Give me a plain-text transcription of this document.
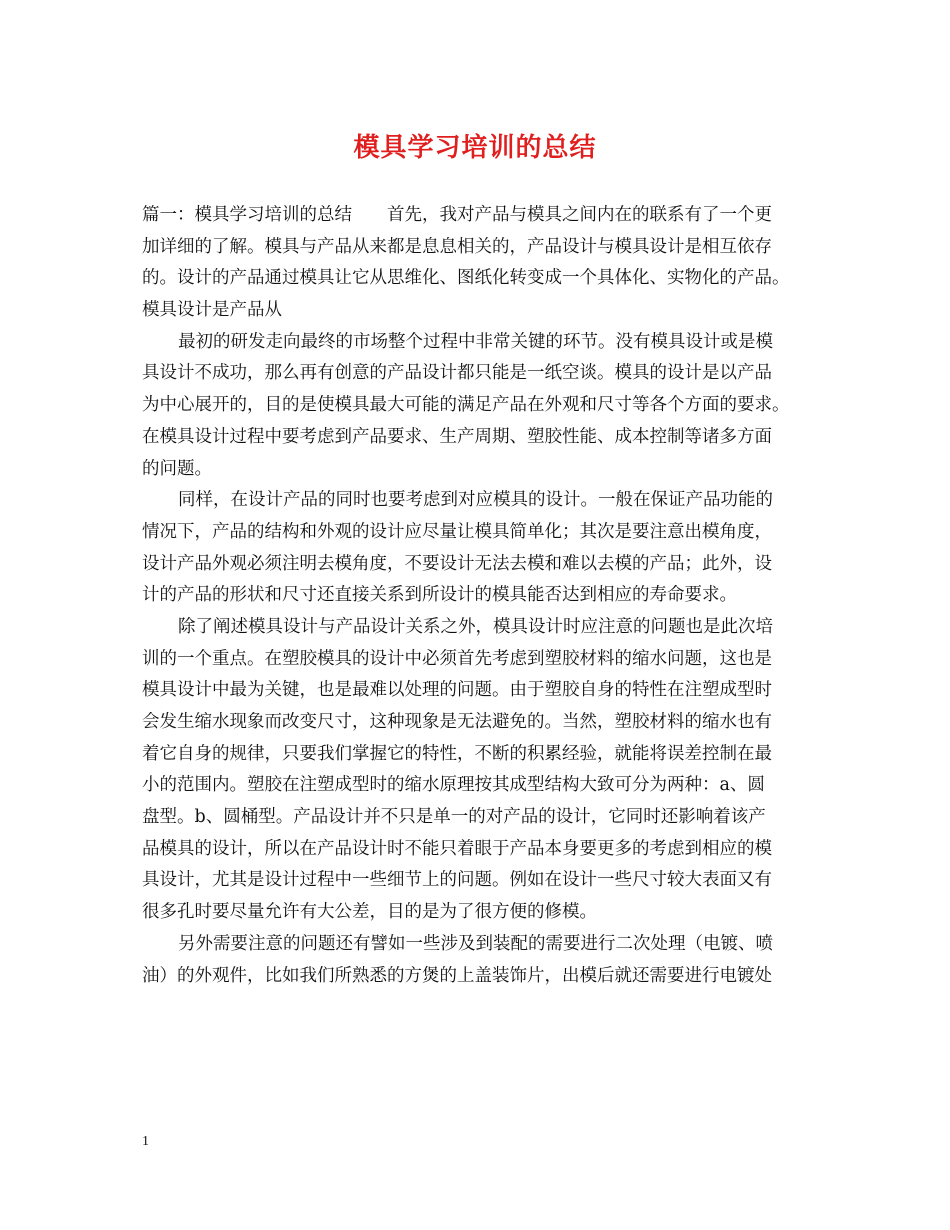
模具学习培训的总结
篇一：模具学习培训的总结　　首先，我对产品与模具之间内在的联系有了一个更
加详细的了解。模具与产品从来都是息息相关的，产品设计与模具设计是相互依存
的。设计的产品通过模具让它从思维化、图纸化转变成一个具体化、实物化的产品。
模具设计是产品从
最初的研发走向最终的市场整个过程中非常关键的环节。没有模具设计或是模
具设计不成功，那么再有创意的产品设计都只能是一纸空谈。模具的设计是以产品
为中心展开的，目的是使模具最大可能的满足产品在外观和尺寸等各个方面的要求。
在模具设计过程中要考虑到产品要求、生产周期、塑胶性能、成本控制等诸多方面
的问题。
同样，在设计产品的同时也要考虑到对应模具的设计。一般在保证产品功能的
情况下，产品的结构和外观的设计应尽量让模具简单化；其次是要注意出模角度，
设计产品外观必须注明去模角度，不要设计无法去模和难以去模的产品；此外，设
计的产品的形状和尺寸还直接关系到所设计的模具能否达到相应的寿命要求。
除了阐述模具设计与产品设计关系之外，模具设计时应注意的问题也是此次培
训的一个重点。在塑胶模具的设计中必须首先考虑到塑胶材料的缩水问题，这也是
模具设计中最为关键，也是最难以处理的问题。由于塑胶自身的特性在注塑成型时
会发生缩水现象而改变尺寸，这种现象是无法避免的。当然，塑胶材料的缩水也有
着它自身的规律，只要我们掌握它的特性，不断的积累经验，就能将误差控制在最
小的范围内。塑胶在注塑成型时的缩水原理按其成型结构大致可分为两种：a、圆
盘型。b、圆桶型。产品设计并不只是单一的对产品的设计，它同时还影响着该产
品模具的设计，所以在产品设计时不能只着眼于产品本身要更多的考虑到相应的模
具设计，尤其是设计过程中一些细节上的问题。例如在设计一些尺寸较大表面又有
很多孔时要尽量允许有大公差，目的是为了很方便的修模。
另外需要注意的问题还有譬如一些涉及到装配的需要进行二次处理（电镀、喷
油）的外观件，比如我们所熟悉的方煲的上盖装饰片，出模后就还需要进行电镀处
1
